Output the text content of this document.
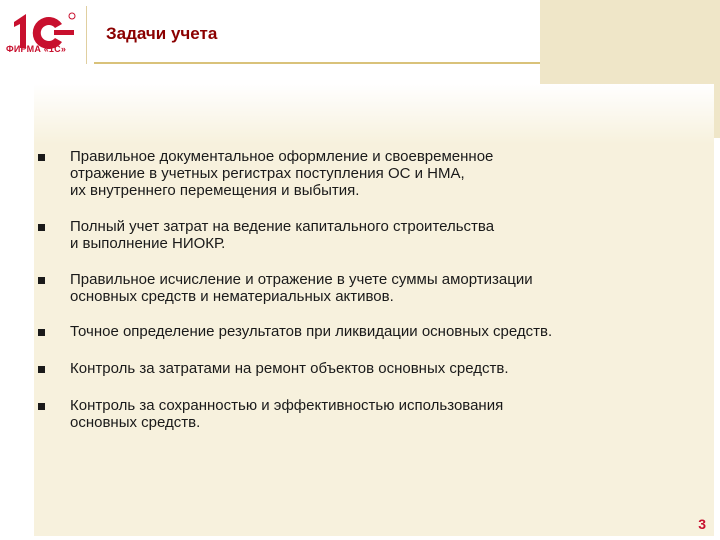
ФИРМА «1С»
Задачи учета
Правильное документальное оформление и своевременное
отражение в учетных регистрах поступления ОС и НМА,
их внутреннего перемещения и выбытия.
Полный учет затрат на ведение капитального строительства
и выполнение НИОКР.
Правильное исчисление и отражение в учете суммы амортизации
основных средств и нематериальных активов.
Точное определение результатов при ликвидации основных средств.
Контроль за затратами на ремонт объектов основных средств.
Контроль за сохранностью и эффективностью использования
основных средств.
3
